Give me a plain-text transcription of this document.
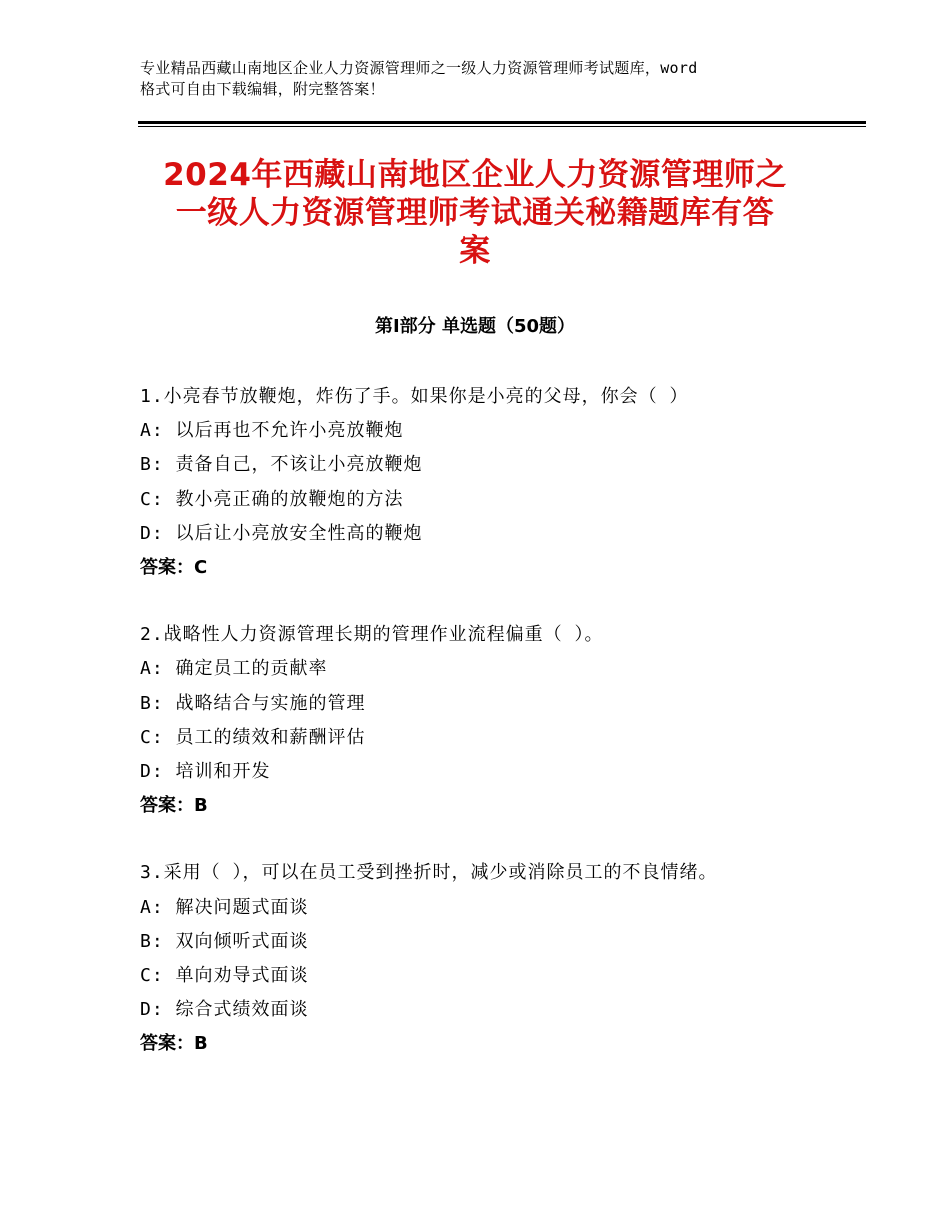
专业精品西藏山南地区企业人力资源管理师之一级人力资源管理师考试题库，word
格式可自由下载编辑，附完整答案！
2024年西藏山南地区企业人力资源管理师之
一级人力资源管理师考试通关秘籍题库有答
案
第Ⅰ部分 单选题（50题）
1.小亮春节放鞭炮，炸伤了手。如果你是小亮的父母，你会（ ）
A: 以后再也不允许小亮放鞭炮
B: 责备自己，不该让小亮放鞭炮
C: 教小亮正确的放鞭炮的方法
D: 以后让小亮放安全性高的鞭炮
答案：C
2.战略性人力资源管理长期的管理作业流程偏重（ ）。
A: 确定员工的贡献率
B: 战略结合与实施的管理
C: 员工的绩效和薪酬评估
D: 培训和开发
答案：B
3.采用（ ），可以在员工受到挫折时，减少或消除员工的不良情绪。
A: 解决问题式面谈
B: 双向倾听式面谈
C: 单向劝导式面谈
D: 综合式绩效面谈
答案：B
